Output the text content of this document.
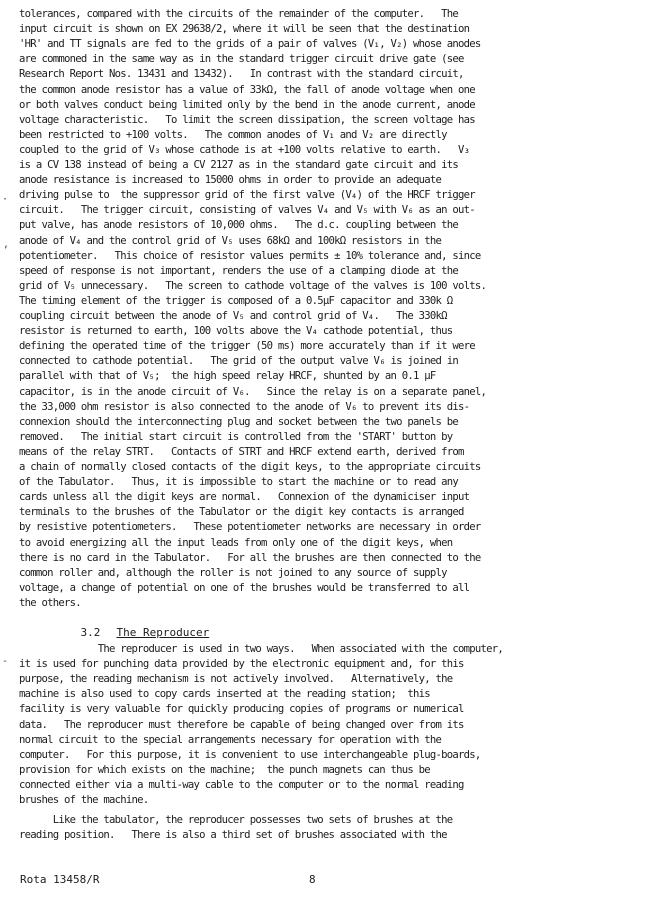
tolerances, compared with the circuits of the remainder of the computer.   The
input circuit is shown on EX 29638/2, where it will be seen that the destination
'HR' and TT signals are fed to the grids of a pair of valves (V₁, V₂) whose anodes
are commoned in the same way as in the standard trigger circuit drive gate (see
Research Report Nos. 13431 and 13432).   In contrast with the standard circuit,
the common anode resistor has a value of 33kΩ, the fall of anode voltage when one
or both valves conduct being limited only by the bend in the anode current, anode
voltage characteristic.   To limit the screen dissipation, the screen voltage has
been restricted to +100 volts.   The common anodes of V₁ and V₂ are directly
coupled to the grid of V₃ whose cathode is at +100 volts relative to earth.   V₃
is a CV 138 instead of being a CV 2127 as in the standard gate circuit and its
anode resistance is increased to 15000 ohms in order to provide an adequate
driving pulse to  the suppressor grid of the first valve (V₄) of the HRCF trigger
circuit.   The trigger circuit, consisting of valves V₄ and V₅ with V₆ as an out-
put valve, has anode resistors of 10,000 ohms.   The d.c. coupling between the
anode of V₄ and the control grid of V₅ uses 68kΩ and 100kΩ resistors in the
potentiometer.   This choice of resistor values permits ± 10% tolerance and, since
speed of response is not important, renders the use of a clamping diode at the
grid of V₅ unnecessary.   The screen to cathode voltage of the valves is 100 volts.
The timing element of the trigger is composed of a 0.5μF capacitor and 330k Ω
coupling circuit between the anode of V₅ and control grid of V₄.   The 330kΩ
resistor is returned to earth, 100 volts above the V₄ cathode potential, thus
defining the operated time of the trigger (50 ms) more accurately than if it were
connected to cathode potential.   The grid of the output valve V₆ is joined in
parallel with that of V₅;  the high speed relay HRCF, shunted by an 0.1 μF
capacitor, is in the anode circuit of V₆.   Since the relay is on a separate panel,
the 33,000 ohm resistor is also connected to the anode of V₆ to prevent its dis-
connexion should the interconnecting plug and socket between the two panels be
removed.   The initial start circuit is controlled from the 'START' button by
means of the relay STRT.   Contacts of STRT and HRCF extend earth, derived from
a chain of normally closed contacts of the digit keys, to the appropriate circuits
of the Tabulator.   Thus, it is impossible to start the machine or to read any
cards unless all the digit keys are normal.   Connexion of the dynamiciser input
terminals to the brushes of the Tabulator or the digit key contacts is arranged
by resistive potentiometers.   These potentiometer networks are necessary in order
to avoid energizing all the input leads from only one of the digit keys, when
there is no card in the Tabulator.   For all the brushes are then connected to the
common roller and, although the roller is not joined to any source of supply
voltage, a change of potential on one of the brushes would be transferred to all
the others.
The reproducer is used in two ways.   When associated with the computer,
it is used for punching data provided by the electronic equipment and, for this
purpose, the reading mechanism is not actively involved.   Alternatively, the
machine is also used to copy cards inserted at the reading station;  this
facility is very valuable for quickly producing copies of programs or numerical
data.   The reproducer must therefore be capable of being changed over from its
normal circuit to the special arrangements necessary for operation with the
computer.   For this purpose, it is convenient to use interchangeable plug-boards,
provision for which exists on the machine;  the punch magnets can thus be
connected either via a multi-way cable to the computer or to the normal reading
brushes of the machine.
Like the tabulator, the reproducer possesses two sets of brushes at the
reading position.   There is also a third set of brushes associated with the

3.2 The Reproducer

Rota 13458/R	8
·
,
-
